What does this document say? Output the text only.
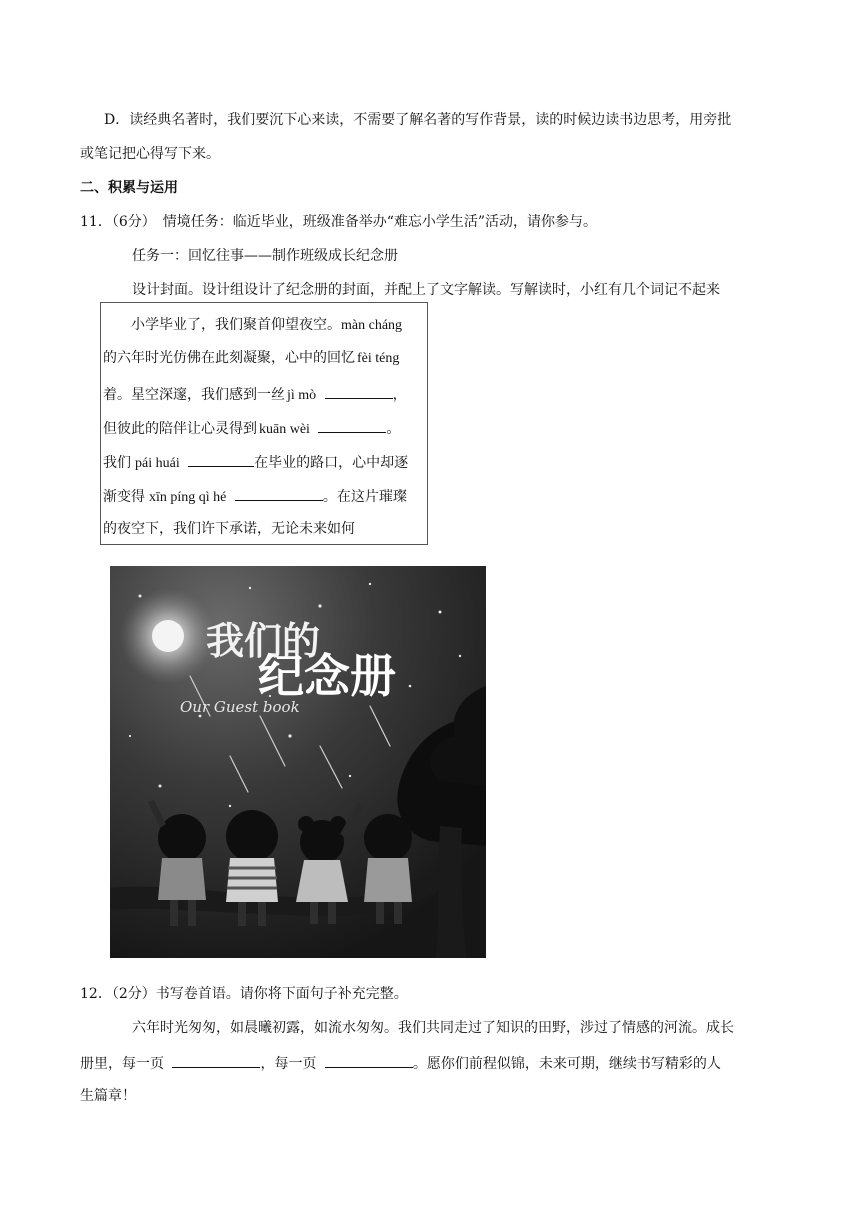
D．读经典名著时，我们要沉下心来读，不需要了解名著的写作背景，读的时候边读书边思考，用旁批
或笔记把心得写下来。
二、积累与运用
11．（6分）　情境任务：临近毕业，班级准备举办“难忘小学生活”活动，请你参与。
任务一：回忆往事——制作班级成长纪念册
设计封面。设计组设计了纪念册的封面，并配上了文字解读。写解读时，小红有几个词记不起来
　　小学毕业了，我们聚首仰望夜空。màn cháng
的六年时光仿佛在此刻凝聚，心中的回忆 fèi téng
着。星空深邃，我们感到一丝 jì mò	，
但彼此的陪伴让心灵得到 kuān wèi	。
我们 pái huái	在毕业的路口，心中却逐
渐变得 xīn píng qì hé	。在这片璀璨
的夜空下，我们许下承诺，无论未来如何
我们的
纪念册
Our Guest book
12．（2分）书写卷首语。请你将下面句子补充完整。
　　六年时光匆匆，如晨曦初露，如流水匆匆。我们共同走过了知识的田野，涉过了情感的河流。成长
册里，每一页	，每一页	。愿你们前程似锦，未来可期，继续书写精彩的人
生篇章！
